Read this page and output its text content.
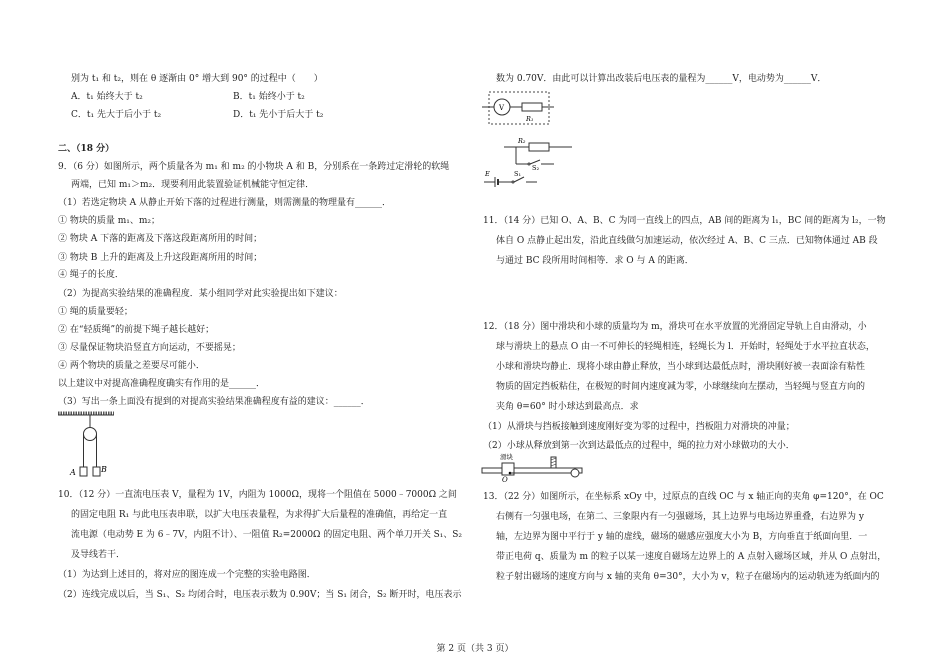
别为 t₁ 和 t₂，则在 θ 逐渐由 0° 增大到 90° 的过程中（　　）
A．t₁ 始终大于 t₂	B．t₁ 始终小于 t₂
C．t₁ 先大于后小于 t₂	D．t₁ 先小于后大于 t₂
二、（18 分）
9．（6 分）如图所示，两个质量各为 m₁ 和 m₂ 的小物块 A 和 B，分别系在一条跨过定滑轮的软绳
两端，已知 m₁＞m₂．现要利用此装置验证机械能守恒定律．
（1）若选定物块 A 从静止开始下落的过程进行测量，则需测量的物理量有______．
① 物块的质量 m₁、m₂；
② 物块 A 下落的距离及下落这段距离所用的时间；
③ 物块 B 上升的距离及上升这段距离所用的时间；
④ 绳子的长度．
（2）为提高实验结果的准确程度．某小组同学对此实验提出如下建议：
① 绳的质量要轻；
② 在“轻质绳”的前提下绳子越长越好；
③ 尽量保证物块沿竖直方向运动，不要摇晃；
④ 两个物块的质量之差要尽可能小．
以上建议中对提高准确程度确实有作用的是______．
（3）写出一条上面没有提到的对提高实验结果准确程度有益的建议：______．
A	B
10．（12 分）一直流电压表 V，量程为 1V，内阻为 1000Ω，现将一个阻值在 5000﹣7000Ω 之间
的固定电阻 R₁ 与此电压表串联，以扩大电压表量程，为求得扩大后量程的准确值，再给定一直
流电源（电动势 E 为 6﹣7V，内阻不计）、一阻值 R₂=2000Ω 的固定电阻、两个单刀开关 S₁、S₂
及导线若干．
（1）为达到上述目的，将对应的图连成一个完整的实验电路图．
（2）连线完成以后，当 S₁、S₂ 均闭合时，电压表示数为 0.90V；当 S₁ 闭合，S₂ 断开时，电压表示
数为 0.70V．由此可以计算出改装后电压表的量程为______V，电动势为______V．
V
R₁
R₂
S₂
E	S₁
11．（14 分）已知 O、A、B、C 为同一直线上的四点，AB 间的距离为 l₁，BC 间的距离为 l₂，一物
体自 O 点静止起出发，沿此直线做匀加速运动，依次经过 A、B、C 三点．已知物体通过 AB 段
与通过 BC 段所用时间相等．求 O 与 A 的距离．
12．（18 分）图中滑块和小球的质量均为 m，滑块可在水平放置的光滑固定导轨上自由滑动，小
球与滑块上的悬点 O 由一不可伸长的轻绳相连，轻绳长为 l．开始时，轻绳处于水平拉直状态，
小球和滑块均静止．现将小球由静止释放，当小球到达最低点时，滑块刚好被一表面涂有粘性
物质的固定挡板粘住，在极短的时间内速度减为零，小球继续向左摆动，当轻绳与竖直方向的
夹角 θ=60° 时小球达到最高点．求
（1）从滑块与挡板接触到速度刚好变为零的过程中，挡板阻力对滑块的冲量；
（2）小球从释放到第一次到达最低点的过程中，绳的拉力对小球做功的大小．
滑块
O
13．（22 分）如图所示，在坐标系 xOy 中，过原点的直线 OC 与 x 轴正向的夹角 φ=120°，在 OC
右侧有一匀强电场，在第二、三象限内有一匀强磁场，其上边界与电场边界重叠，右边界为 y
轴，左边界为图中平行于 y 轴的虚线，磁场的磁感应强度大小为 B，方向垂直于纸面向里．一
带正电荷 q、质量为 m 的粒子以某一速度自磁场左边界上的 A 点射入磁场区域，并从 O 点射出，
粒子射出磁场的速度方向与 x 轴的夹角 θ=30°，大小为 v，粒子在磁场内的运动轨迹为纸面内的
第 2 页（共 3 页）
